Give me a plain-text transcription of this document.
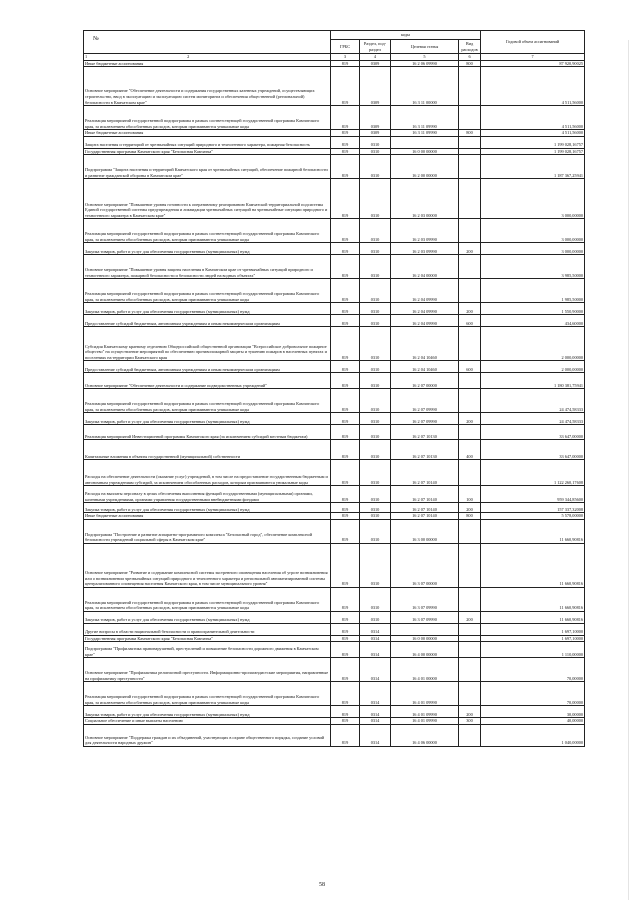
№
	коды				Годовой объем ассигнований
	ГРБС	Раздел, под-раздел	Целевая статья	Вид расходов	
1 2	3	4	5	6	7
Иные бюджетные ассигнования	819	0309	16 2 06 09990	800	87 920,90025
Основное мероприятие "Обеспечение деятельности и содержания государственных казенных учреждений, осуществляющих строительство, ввод в эксплуатацию и эксплуатацию систем мониторинга и обеспечения общественной (региональной) безопасности в Камчатском крае"	819	0309	16 3 11 00000		4 511,56000
Реализация мероприятий государственной подпрограммы в рамках соответствующей государственной программы Камчатского края, за исключением обособленных расходов, которым присваиваются уникальные коды	819	0309	16 3 11 09990		4 511,56000
Иные бюджетные ассигнования	819	0309	16 3 11 09990	800	4 511,56000
Защита населения и территорий от чрезвычайных ситуаций природного и техногенного характера, пожарная безопасность	819	0310			1 199 028,16757
Государственная программа Камчатского края "Безопасная Камчатка"	819	0310	16 0 00 00000		1 199 028,16757
Подпрограмма "Защита населения и территорий Камчатского края от чрезвычайных ситуаций, обеспечение пожарной безопасности и развитие гражданской обороны в Камчатском крае"	819	0310	16 2 00 00000		1 187 367,25941
Основное мероприятие "Повышение уровня готовности к оперативному реагированию Камчатской территориальной подсистемы Единой государственной системы предупреждения и ликвидации чрезвычайных ситуаций на чрезвычайные ситуации природного и техногенного характера в Камчатском крае"	819	0310	16 2 03 00000		3 000,00000
Реализация мероприятий государственной подпрограммы в рамках соответствующей государственной программы Камчатского края, за исключением обособленных расходов, которым присваиваются уникальные коды	819	0310	16 2 03 09990		3 000,00000
Закупка товаров, работ и услуг для обеспечения государственных (муниципальных) нужд	819	0310	16 2 03 09990	200	3 000,00000
Основное мероприятие "Повышение уровня защиты населения в Камчатском крае от чрезвычайных ситуаций природного и техногенного характера, пожарной безопасности и безопасности людей на водных объектах"	819	0310	16 2 04 00000		3 985,50000
Реализация мероприятий государственной подпрограммы в рамках соответствующей государственной программы Камчатского края, за исключением обособленных расходов, которым присваиваются уникальные коды	819	0310	16 2 04 09990		1 985,50000
Закупка товаров, работ и услуг для обеспечения государственных (муниципальных) нужд	819	0310	16 2 04 09990	200	1 550,90000
Предоставление субсидий бюджетным, автономным учреждениям и иным некоммерческим организациям	819	0310	16 2 04 09990	600	434,60000
Субсидия Камчатскому краевому отделению Общероссийской общественной организации "Всероссийское добровольное пожарное общество" на осуществление мероприятий по обеспечению противопожарной защиты и тушению пожаров в населенных пунктах и поселениях на территории Камчатского края	819	0310	16 2 04 10460		2 000,00000
Предоставление субсидий бюджетным, автономным учреждениям и иным некоммерческим организациям	819	0310	16 2 04 10460	600	2 000,00000
Основное мероприятие "Обеспечение деятельности и содержание подведомственных учреждений"	819	0310	16 2 07 00000		1 180 381,75941
Реализация мероприятий государственной подпрограммы в рамках соответствующей государственной программы Камчатского края, за исключением обособленных расходов, которым присваиваются уникальные коды	819	0310	16 2 07 09990		24 474,58333
Закупка товаров, работ и услуг для обеспечения государственных (муниципальных) нужд	819	0310	16 2 07 09990	200	24 474,58333
Реализация мероприятий Инвестиционной программы Камчатского края (за исключением субсидий местным бюджетам)	819	0310	16 2 07 10130		33 647,00000
Капитальные вложения в объекты государственной (муниципальной) собственности	819	0310	16 2 07 10130	400	33 647,00000
Расходы на обеспечение деятельности (оказание услуг) учреждений, в том числе на предоставление государственным бюджетным и автономным учреждениям субсидий, за исключением обособленных расходов, которым присваиваются уникальные коды	819	0310	16 2 07 10140		1 122 260,17608
Расходы на выплаты персоналу в целях обеспечения выполнения функций государственными (муниципальными) органами, казенными учреждениями, органами управления государственными внебюджетными фондами	819	0310	16 2 07 10140	100	959 344,85600
Закупка товаров, работ и услуг для обеспечения государственных (муниципальных) нужд	819	0310	16 2 07 10140	200	157 337,32008
Иные бюджетные ассигнования	819	0310	16 2 07 10140	800	5 578,00000
Подпрограмма "Построение и развитие аппаратно-программного комплекса "Безопасный город", обеспечение комплексной безопасности учреждений социальной сферы в Камчатском крае"	819	0310	16 3 00 00000		11 660,90816
Основное мероприятие "Развитие и содержание комплексной системы экстренного оповещения населения об угрозе возникновения или о возникновении чрезвычайных ситуаций природного и техногенного характера и региональной автоматизированной системы централизованного оповещения населения Камчатского края, в том числе муниципального уровня"	819	0310	16 3 07 00000		11 660,90816
Реализация мероприятий государственной подпрограммы в рамках соответствующей государственной программы Камчатского края, за исключением обособленных расходов, которым присваиваются уникальные коды	819	0310	16 3 07 09990		11 660,90816
Закупка товаров, работ и услуг для обеспечения государственных (муниципальных) нужд	819	0310	16 3 07 09990	200	11 660,90816
Другие вопросы в области национальной безопасности и правоохранительной деятельности	819	0314			1 697,10000
Государственная программа Камчатского края "Безопасная Камчатка"	819	0314	16 0 00 00000		1 697,10000
Подпрограмма "Профилактика правонарушений, преступлений и повышение безопасности дорожного движения в Камчатском крае"	819	0314	16 4 00 00000		1 110,00000
Основное мероприятие "Профилактика религиозной преступности. Информационно-пропагандистские мероприятия, направленные на профилактику преступности"	819	0314	16 4 01 00000		70,00000
Реализация мероприятий государственной подпрограммы в рамках соответствующей государственной программы Камчатского края, за исключением обособленных расходов, которым присваиваются уникальные коды	819	0314	16 4 01 09990		70,00000
Закупка товаров, работ и услуг для обеспечения государственных (муниципальных) нужд	819	0314	16 4 01 09990	200	30,00000
Социальное обеспечение и иные выплаты населению	819	0314	16 4 01 09990	300	40,00000
Основное мероприятие "Поддержка граждан и их объединений, участвующих в охране общественного порядка, создание условий для деятельности народных дружин"	819	0314	16 4 06 00000		1 040,00000
58
